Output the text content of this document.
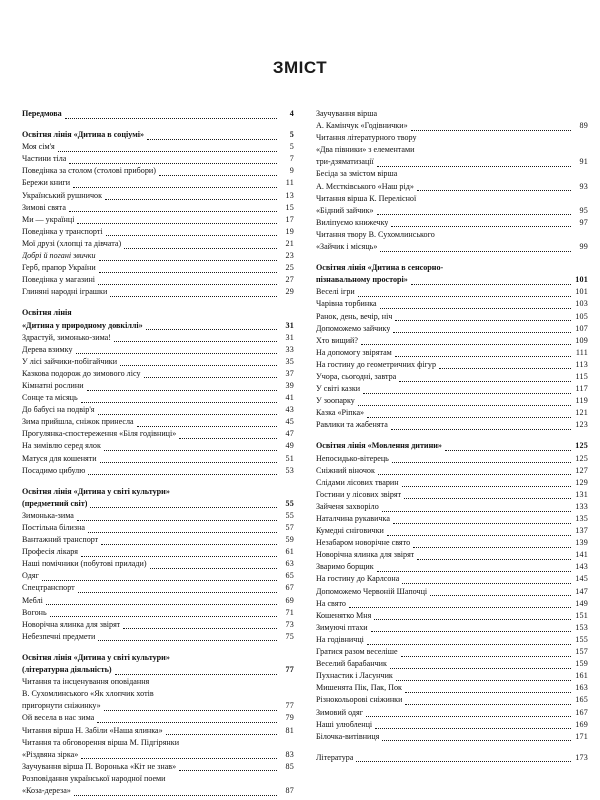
ЗМІСТ
Передмова	4
Освітня лінія «Дитина в соціумі»	5
Моя сім'я	5
Частини тіла	7
Поведінка за столом (столові прибори)	9
Бережи книги	11
Український рушничок	13
Зимові свята	15
Ми — українці	17
Поведінка у транспорті	19
Мої друзі (хлопці та дівчата)	21
Добрі й погані звички	23
Герб, прапор України	25
Поведінка у магазині	27
Глиняні народні іграшки	29
Освітня лінія
«Дитина у природному довкіллі»	31
Здрастуй, зимонько-зима!	31
Дерева взимку	33
У лісі зайчики-побігайчики	35
Казкова подорож до зимового лісу	37
Кімнатні рослини	39
Сонце та місяць	41
До бабусі на подвір'я	43
Зима прийшла, сніжок принесла	45
Прогулянка-спостереження «Біля годівниці»	47
На зимівлю серед ялок	49
Матуся для кошеняти	51
Посадимо цибулю	53
Освітня лінія «Дитина у світі культури»
(предметний світ)	55
Зимонька-зима	55
Постільна білизна	57
Вантажний транспорт	59
Професія лікаря	61
Наші помічники (побутові прилади)	63
Одяг	65
Спецтранспорт	67
Меблі	69
Вогонь	71
Новорічна ялинка для звірят	73
Небезпечні предмети	75
Освітня лінія «Дитина у світі культури»
(літературна діяльність)	77
Читання та інсценування оповідання
В. Сухомлинського «Як хлопчик хотів
пригорнути сніжинку»	77
Ой весела в нас зима	79
Читання вірша Н. Забіли «Наша ялинка»	81
Читання та обговорення вірша М. Підгірянки
«Різдвяна зірка»	83
Заучування вірша П. Воронька «Кіт не знав»	85
Розповідання української народної поеми
«Коза-дереза»	87
Заучування вірша
А. Камінчук «Годівнички»	89
Читання літературного твору
«Два півники» з елементами
три-дзяматизації	91
Бесіда за змістом вірша
А. Мєстківського «Наш рід»	93
Читання вірша К. Перелісної
«Бідний зайчик»	95
Виліпуємо книжечку	97
Читання твору В. Сухомлинського
«Зайчик і місяць»	99
Освітня лінія «Дитина в сенсорно-
пізнавальному просторі»	101
Веселі ігри	101
Чарівна торбинка	103
Ранок, день, вечір, ніч	105
Допоможемо зайчику	107
Хто вищий?	109
На допомогу звірятам	111
На гостину до геометричних фігур	113
Учора, сьогодні, завтра	115
У світі казки	117
У зоопарку	119
Казка «Ріпка»	121
Равлики та жабенята	123
Освітня лінія «Мовлення дитини»	125
Непосидько-вітерець	125
Сніжний віночок	127
Слідами лісових тварин	129
Гостини у лісових звірят	131
Зайченя захворіло	133
Наталчина рукавичка	135
Кумедні сніговички	137
Незабаром новорічне свято	139
Новорічна ялинка для звірят	141
Зваримо борщик	143
На гостину до Карлсона	145
Допоможемо Червоній Шапочці	147
На свято	149
Кошенятко Мня	151
Зимуючі птахи	153
На годівничці	155
Гратися разом веселіше	157
Веселий барабанчик	159
Пухнастик і Ласунчик	161
Мишенята Пік, Пак, Пок	163
Різнокольорові сніжинки	165
Зимовий одяг	167
Наші улюбленці	169
Білочка-витівниця	171
Література	173
